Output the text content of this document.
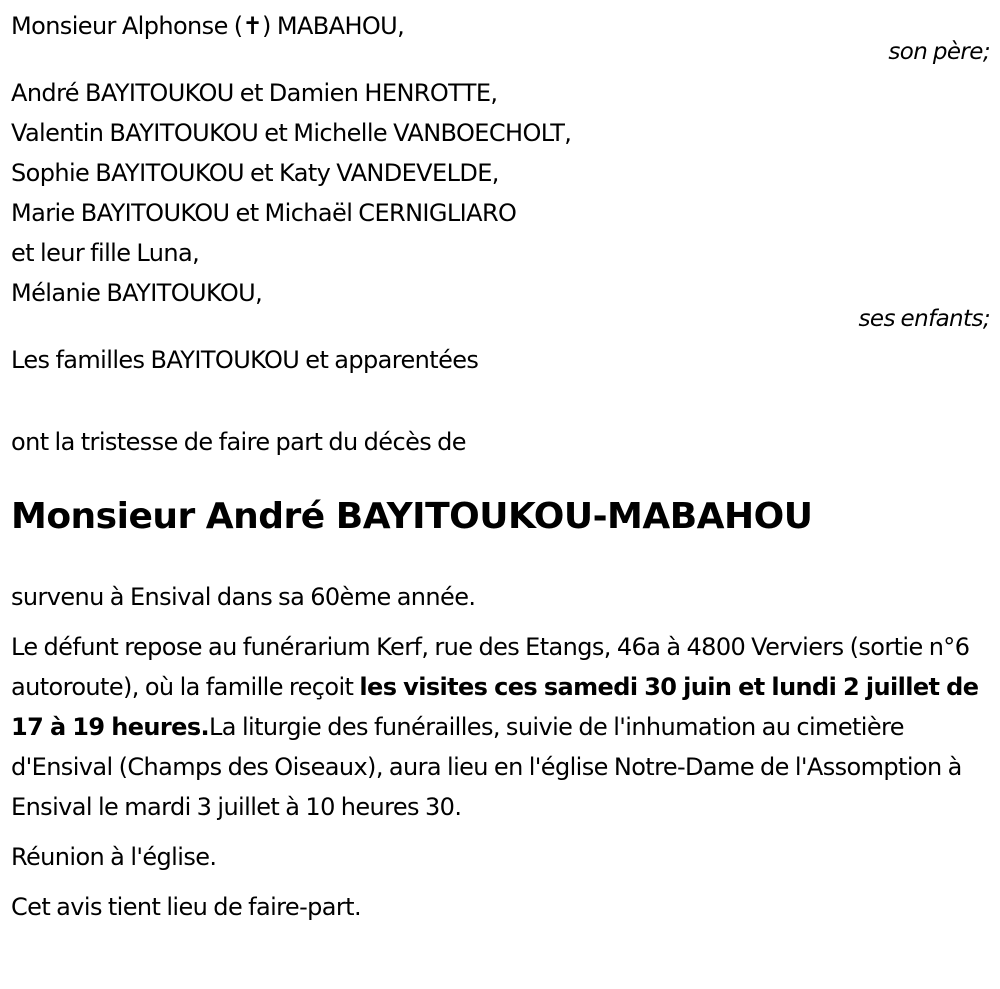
Monsieur Alphonse (✝) MABAHOU,
son père;
André BAYITOUKOU et Damien HENROTTE,
Valentin BAYITOUKOU et Michelle VANBOECHOLT,
Sophie BAYITOUKOU et Katy VANDEVELDE,
Marie BAYITOUKOU et Michaël CERNIGLIARO
et leur fille Luna,
Mélanie BAYITOUKOU,
ses enfants;
Les familles BAYITOUKOU et apparentées
ont la tristesse de faire part du décès de
Monsieur André BAYITOUKOU-MABAHOU
survenu à Ensival dans sa 60ème année.
Le défunt repose au funérarium Kerf, rue des Etangs, 46a à 4800 Verviers (sortie n°6 autoroute), où la famille reçoit les visites ces samedi 30 juin et lundi 2 juillet de 17 à 19 heures.La liturgie des funérailles, suivie de l'inhumation au cimetière d'Ensival (Champs des Oiseaux), aura lieu en l'église Notre-Dame de l'Assomption à Ensival le mardi 3 juillet à 10 heures 30.
Réunion à l'église.
Cet avis tient lieu de faire-part.
